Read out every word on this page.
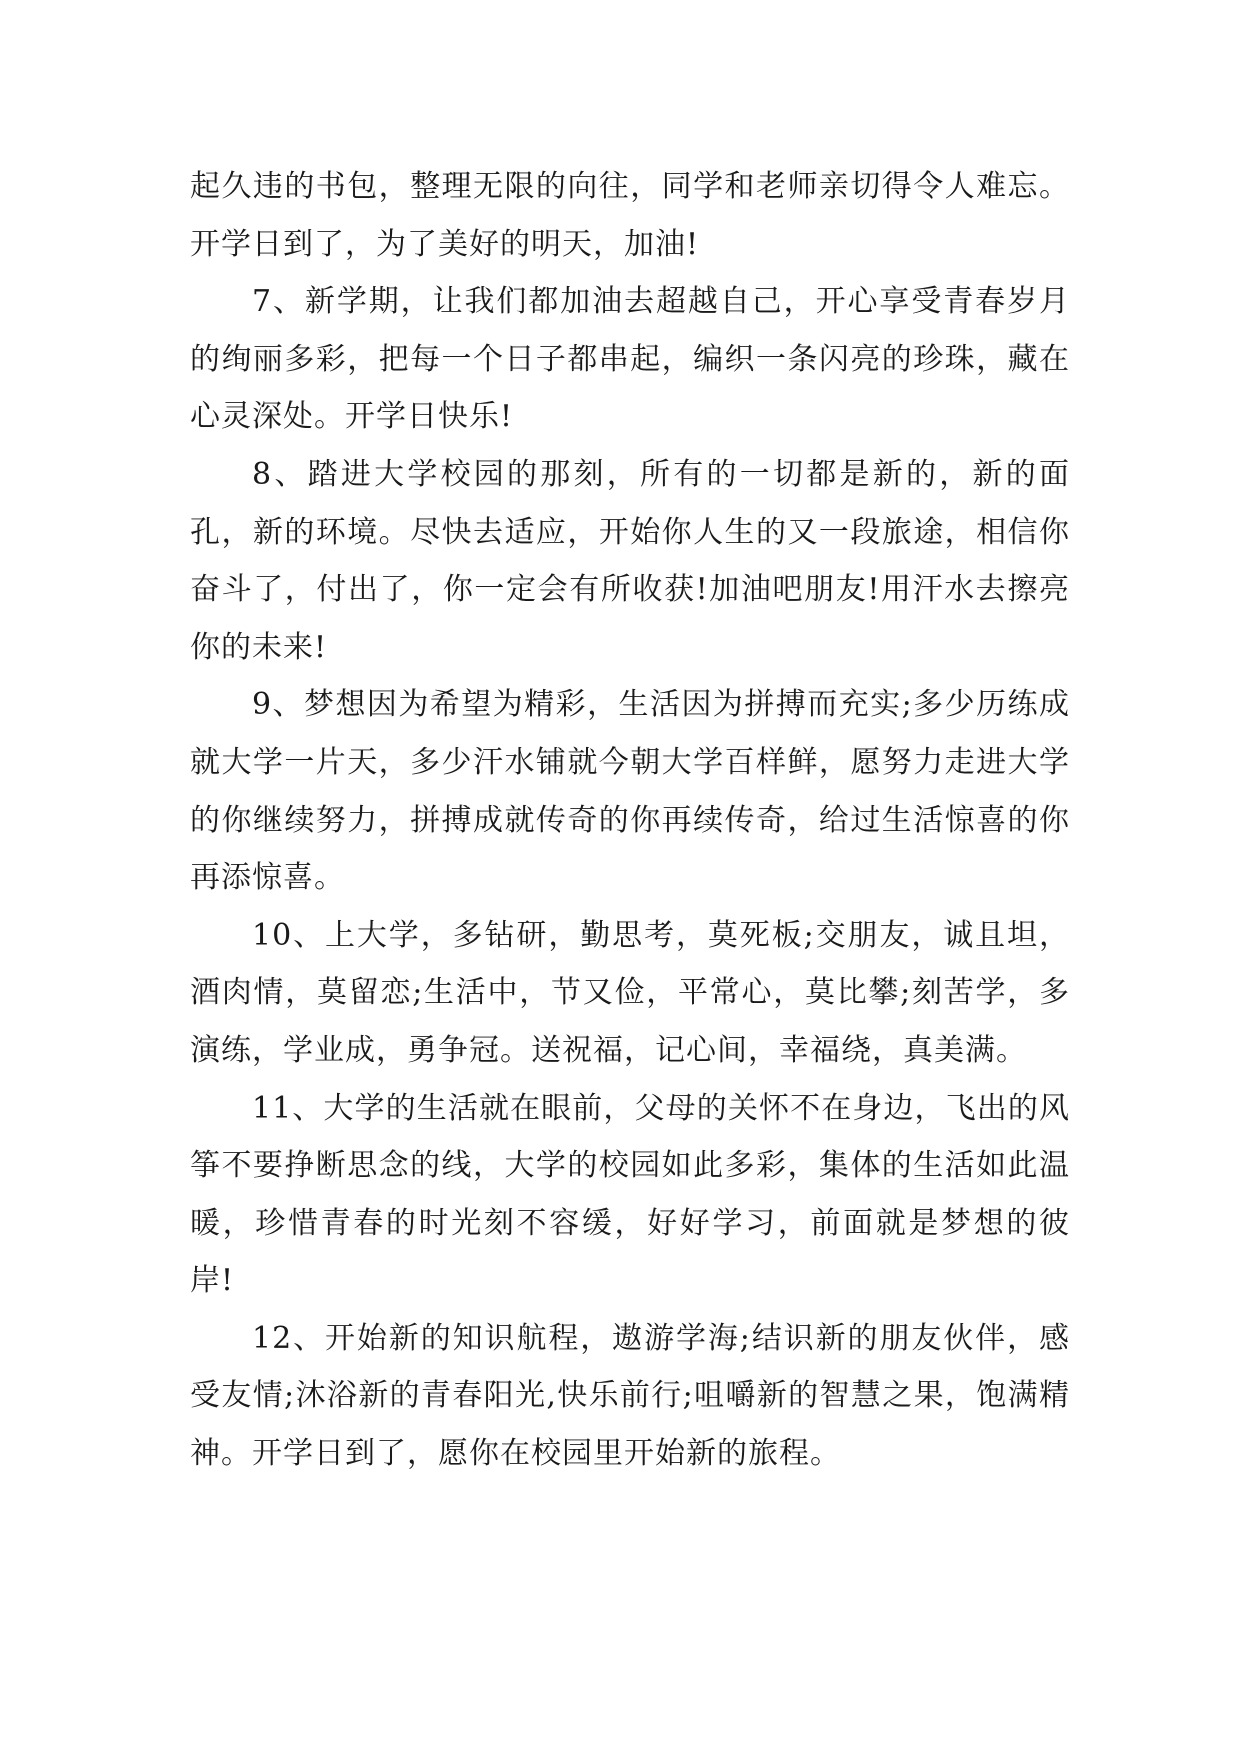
起久违的书包，整理无限的向往，同学和老师亲切得令人难忘。开学日到了，为了美好的明天，加油!

7、新学期，让我们都加油去超越自己，开心享受青春岁月的绚丽多彩，把每一个日子都串起，编织一条闪亮的珍珠，藏在心灵深处。开学日快乐!

8、踏进大学校园的那刻，所有的一切都是新的，新的面孔，新的环境。尽快去适应，开始你人生的又一段旅途，相信你奋斗了，付出了，你一定会有所收获!加油吧朋友!用汗水去擦亮你的未来!

9、梦想因为希望为精彩，生活因为拼搏而充实;多少历练成就大学一片天，多少汗水铺就今朝大学百样鲜，愿努力走进大学的你继续努力，拼搏成就传奇的你再续传奇，给过生活惊喜的你再添惊喜。

10、上大学，多钻研，勤思考，莫死板;交朋友，诚且坦，酒肉情，莫留恋;生活中，节又俭，平常心，莫比攀;刻苦学，多演练，学业成，勇争冠。送祝福，记心间，幸福绕，真美满。

11、大学的生活就在眼前，父母的关怀不在身边，飞出的风筝不要挣断思念的线，大学的校园如此多彩，集体的生活如此温暖，珍惜青春的时光刻不容缓，好好学习，前面就是梦想的彼岸!

12、开始新的知识航程，遨游学海;结识新的朋友伙伴，感受友情;沐浴新的青春阳光,快乐前行;咀嚼新的智慧之果，饱满精神。开学日到了，愿你在校园里开始新的旅程。
